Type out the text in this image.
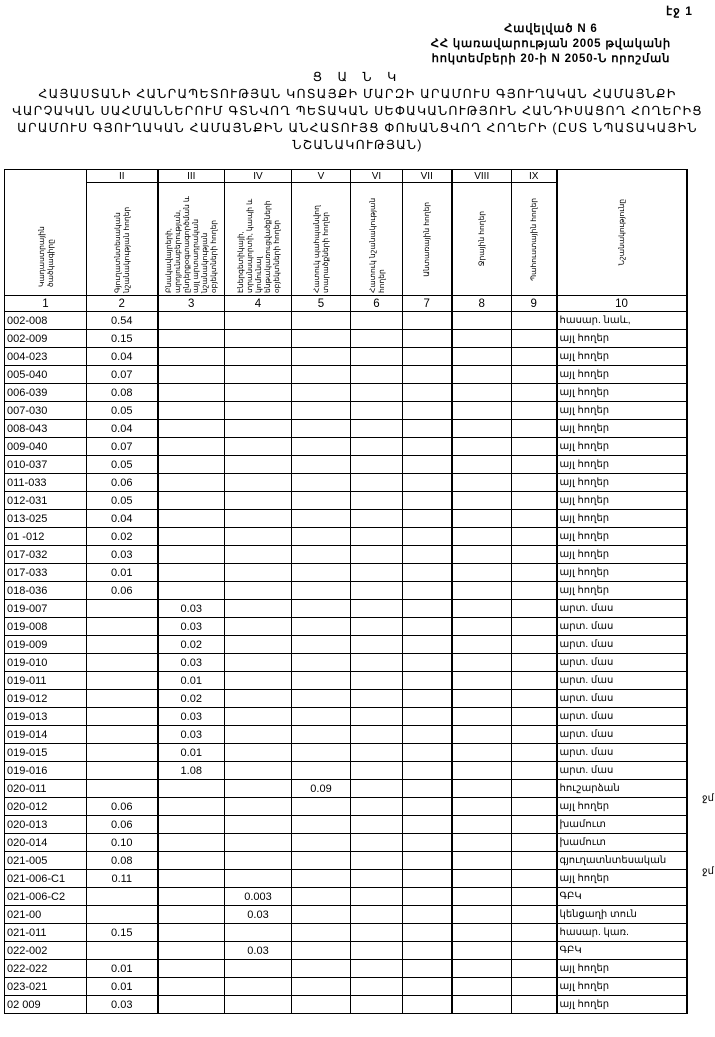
էջ 1
Հավելված N 6
ՀՀ կառավարության 2005 թվականի
հոկտեմբերի 20-ի N 2050-Ն որոշման
Ց Ա Ն Կ
ՀԱՅԱՍՏԱՆԻ ՀԱՆՐԱՊԵՏՈՒԹՅԱՆ ԿՈՏԱՅՔԻ ՄԱՐԶԻ ԱՐԱՄՈՒՍ ԳՅՈՒՂԱԿԱՆ ՀԱՄԱՅՆՔԻ
ՎԱՐՉԱԿԱՆ ՍԱՀՄԱՆՆԵՐՈՒՄ ԳՏՆՎՈՂ ՊԵՏԱԿԱՆ ՍԵՓԱԿԱՆՈՒԹՅՈՒՆ ՀԱՆԴԻՍԱՑՈՂ ՀՈՂԵՐԻՑ
ԱՐԱՄՈՒՍ ԳՅՈՒՂԱԿԱՆ ՀԱՄԱՅՆՔԻՆ ԱՆՀԱՏՈՒՅՑ ՓՈԽԱՆՑՎՈՂ ՀՈՂԵՐԻ (ԸՍՏ ՆՊԱՏԱԿԱՅԻՆ
ՆՇԱՆԱԿՈՒԹՅԱՆ)
Կադաստրային ծածկագիրը	II	III	IV	V	VI	VII	VIII	IX	Նշանակությունը

	Գյուղատնտեսական նշանակության հողեր	Բնակավայրերի, արդյունաբերության, ընդերքօգտագործման և այլ արտադրական նշանակության օբյեկտների հողեր	Էներգետիկայի, տրանսպորտի, կապի և կոմունալ ենթակառուցվածքների օբյեկտների հողեր	Հատուկ պահպանվող տարածքների հողեր	Հատուկ նշանակության հողեր	Անտառային հողեր	Ջրային հողեր	Պահուստային հողեր	

1	2	3	4	5	6	7	8	9	10
002-008	0.54								հասար. նաև,
002-009	0.15								այլ հողեր
004-023	0.04								այլ հողեր
005-040	0.07								այլ հողեր
006-039	0.08								այլ հողեր
007-030	0.05								այլ հողեր
008-043	0.04								այլ հողեր
009-040	0.07								այլ հողեր
010-037	0.05								այլ հողեր
011-033	0.06								այլ հողեր
012-031	0.05								այլ հողեր
013-025	0.04								այլ հողեր
01 -012	0.02								այլ հողեր
017-032	0.03								այլ հողեր
017-033	0.01								այլ հողեր
018-036	0.06								այլ հողեր
019-007		0.03							արտ. մաս
019-008		0.03							արտ. մաս
019-009		0.02							արտ. մաս
019-010		0.03							արտ. մաս
019-011		0.01							արտ. մաս
019-012		0.02							արտ. մաս
019-013		0.03							արտ. մաս
019-014		0.03							արտ. մաս
019-015		0.01							արտ. մաս
019-016		1.08							արտ. մաս
020-011				0.09					հուշարձան
020-012	0.06								այլ հողեր
020-013	0.06								խամուտ
020-014	0.10								խամուտ
021-005	0.08								գյուղատնտեսական
021-006-C1	0.11								այլ հողեր
021-006-C2			0.003						ԳԲԿ
021-00			0.03						կենցաղի տուն
021-011	0.15								հասար. կառ.
022-002			0.03						ԳԲԿ
022-022	0.01								այլ հողեր
023-021	0.01								այլ հողեր
02 009	0.03								այլ հողեր
ջմ
ջմ
